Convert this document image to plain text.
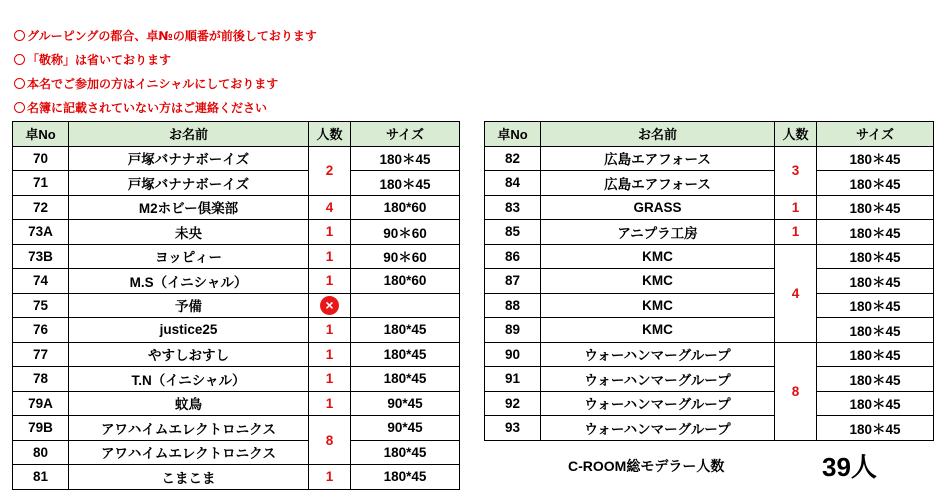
グルーピングの都合、卓№の順番が前後しております
「敬称」は省いております
本名でご参加の方はイニシャルにしております
名簿に記載されていない方はご連絡ください
卓No	お名前	人数	サイズ
70	戸塚バナナボーイズ	2	180＊45
71	戸塚バナナボーイズ		180＊45
72	M2ホビー倶楽部	4	180*60
73A	未央	1	90＊60
73B	ヨッピィー	1	90＊60
74	M.S（イニシャル）	1	180*60
75	予備	×	
76	justice25	1	180*45
77	やすしおすし	1	180*45
78	T.N（イニシャル）	1	180*45
79A	蚊鳥	1	90*45
79B	アワハイムエレクトロニクス	8	90*45
80	アワハイムエレクトロニクス		180*45
81	こまこま	1	180*45
卓No	お名前	人数	サイズ
82	広島エアフォース	3	180＊45
84	広島エアフォース		180＊45
83	GRASS	1	180＊45
85	アニプラ工房	1	180＊45
86	KMC	4	180＊45
87	KMC		180＊45
88	KMC		180＊45
89	KMC		180＊45
90	ウォーハンマーグループ	8	180＊45
91	ウォーハンマーグループ		180＊45
92	ウォーハンマーグループ		180＊45
93	ウォーハンマーグループ		180＊45
C-ROOM総モデラー人数	39人
